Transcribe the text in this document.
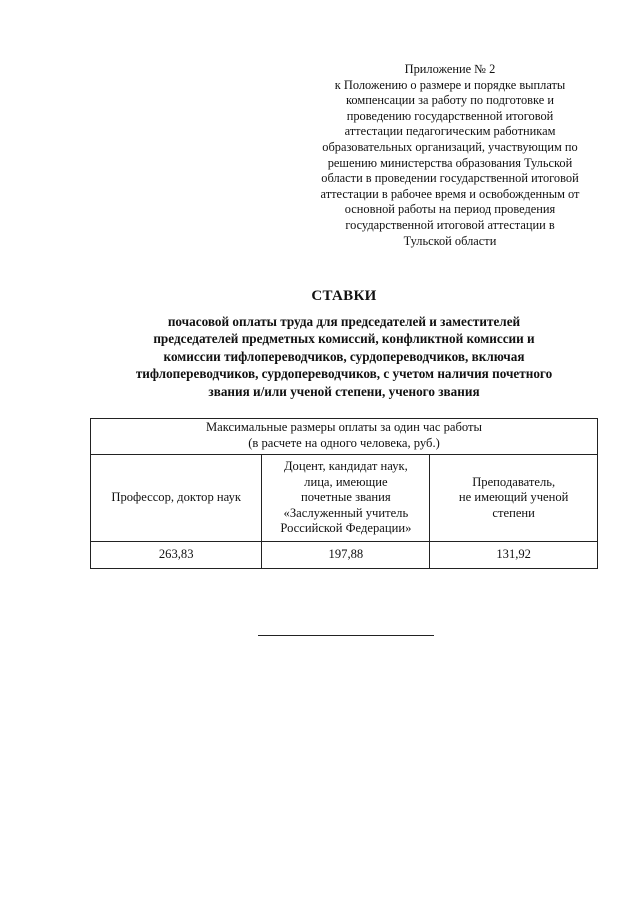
Приложение № 2
к Положению о размере и порядке выплаты
компенсации за работу по подготовке и
проведению государственной итоговой
аттестации педагогическим работникам
образовательных организаций, участвующим по
решению министерства образования Тульской
области в проведении государственной итоговой
аттестации в рабочее время и освобожденным от
основной работы на период проведения
государственной итоговой аттестации в
Тульской области
СТАВКИ
почасовой оплаты труда для председателей и заместителей
председателей предметных комиссий, конфликтной комиссии и
комиссии тифлопереводчиков, сурдопереводчиков, включая
тифлопереводчиков, сурдопереводчиков, с учетом наличия почетного
звания и/или ученой степени, ученого звания
Максимальные размеры оплаты за один час работы
(в расчете на одного человека, руб.)		

Профессор, доктор наук	Доцент, кандидат наук,
лица, имеющие
почетные звания
«Заслуженный учитель
Российской Федерации»	Преподаватель,
не имеющий ученой
степени

263,83	197,88	131,92
